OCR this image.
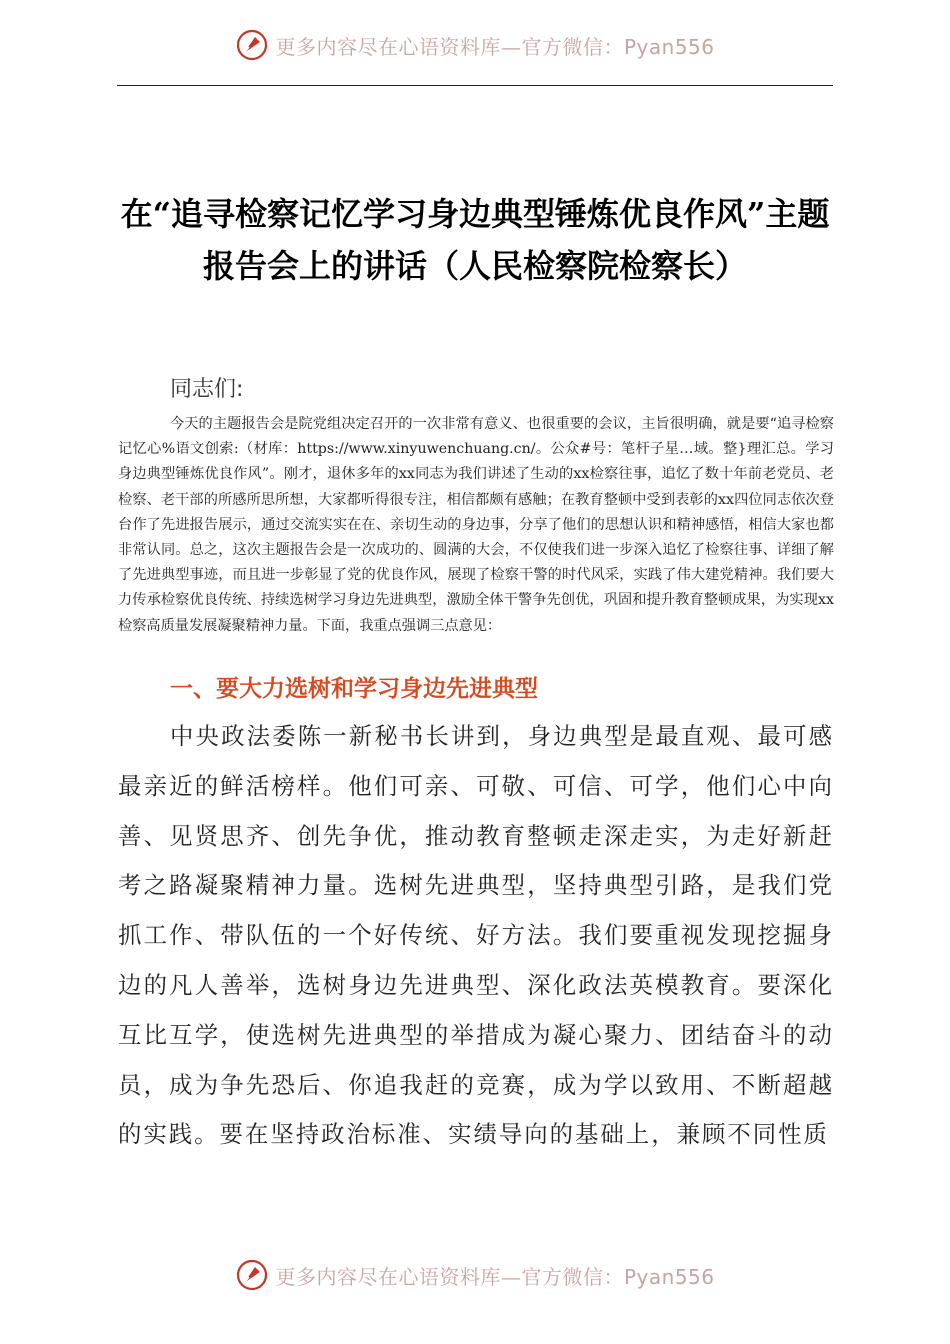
更多内容尽在心语资料库—官方微信：Pyan556
在“追寻检察记忆学习身边典型锤炼优良作风”主题报告会上的讲话（人民检察院检察长）
同志们:

今天的主题报告会是院党组决定召开的一次非常有意义、也很重要的会议，主旨很明确，就是要“追寻检察记忆心%语文创索:（材库：https://www.xinyuwenchuang.cn/。公众#号：笔杆子星…域。整}理汇总。学习身边典型锤炼优良作风”。刚才，退休多年的xx同志为我们讲述了生动的xx检察往事，追忆了数十年前老党员、老检察、老干部的所感所思所想，大家都听得很专注，相信都颇有感触；在教育整顿中受到表彰的xx四位同志依次登台作了先进报告展示，通过交流实实在在、亲切生动的身边事，分享了他们的思想认识和精神感悟，相信大家也都非常认同。总之，这次主题报告会是一次成功的、圆满的大会，不仅使我们进一步深入追忆了检察往事、详细了解了先进典型事迹，而且进一步彰显了党的优良作风，展现了检察干警的时代风采，实践了伟大建党精神。我们要大力传承检察优良传统、持续选树学习身边先进典型，激励全体干警争先创优，巩固和提升教育整顿成果，为实现xx检察高质量发展凝聚精神力量。下面，我重点强调三点意见：

一、要大力选树和学习身边先进典型

中央政法委陈一新秘书长讲到，身边典型是最直观、最可感最亲近的鲜活榜样。他们可亲、可敬、可信、可学，他们心中向善、见贤思齐、创先争优，推动教育整顿走深走实，为走好新赶考之路凝聚精神力量。选树先进典型，坚持典型引路，是我们党抓工作、带队伍的一个好传统、好方法。我们要重视发现挖掘身边的凡人善举，选树身边先进典型、深化政法英模教育。要深化互比互学，使选树先进典型的举措成为凝心聚力、团结奋斗的动员，成为争先恐后、你追我赶的竞赛，成为学以致用、不断超越的实践。要在坚持政治标准、实绩导向的基础上，兼顾不同性质

更多内容尽在心语资料库—官方微信：Pyan556
